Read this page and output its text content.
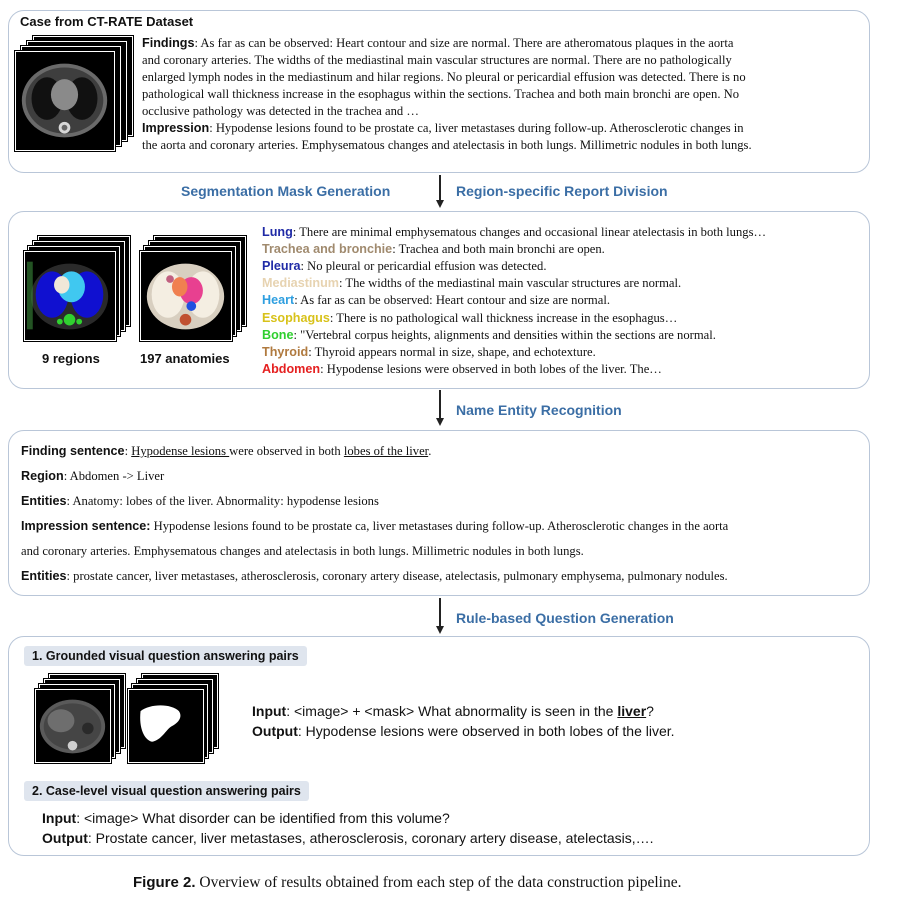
Case from CT-RATE Dataset
Findings: As far as can be observed: Heart contour and size are normal. There are atheromatous plaques in the aorta
and coronary arteries. The widths of the mediastinal main vascular structures are normal. There are no pathologically
enlarged lymph nodes in the mediastinum and hilar regions. No pleural or pericardial effusion was detected. There is no
pathological wall thickness increase in the esophagus within the sections. Trachea and both main bronchi are open. No
occlusive pathology was detected in the trachea and …
Impression: Hypodense lesions found to be prostate ca, liver metastases during follow-up. Atherosclerotic changes in
the aorta and coronary arteries. Emphysematous changes and atelectasis in both lungs. Millimetric nodules in both lungs.
Segmentation Mask Generation	Region-specific Report Division
9 regions	197 anatomies
Lung: There are minimal emphysematous changes and occasional linear atelectasis in both lungs…
Trachea and bronchie: Trachea and both main bronchi are open.
Pleura: No pleural or pericardial effusion was detected.
Mediastinum: The widths of the mediastinal main vascular structures are normal.
Heart: As far as can be observed: Heart contour and size are normal.
Esophagus: There is no pathological wall thickness increase in the esophagus…
Bone: "Vertebral corpus heights, alignments and densities within the sections are normal.
Thyroid: Thyroid appears normal in size, shape, and echotexture.
Abdomen: Hypodense lesions were observed in both lobes of the liver. The…
Name Entity Recognition
Finding sentence: Hypodense lesions were observed in both lobes of the liver.
Region: Abdomen -> Liver
Entities: Anatomy: lobes of the liver. Abnormality: hypodense lesions
Impression sentence: Hypodense lesions found to be prostate ca, liver metastases during follow-up. Atherosclerotic changes in the aorta
and coronary arteries. Emphysematous changes and atelectasis in both lungs. Millimetric nodules in both lungs.
Entities: prostate cancer, liver metastases, atherosclerosis, coronary artery disease, atelectasis, pulmonary emphysema, pulmonary nodules.
Rule-based Question Generation
1. Grounded visual question answering pairs
Input: <image> + <mask> What abnormality is seen in the liver?
Output: Hypodense lesions were observed in both lobes of the liver.
2. Case-level visual question answering pairs
Input: <image> What disorder can be identified from this volume?
Output: Prostate cancer, liver metastases, atherosclerosis, coronary artery disease, atelectasis,….
Figure 2. Overview of results obtained from each step of the data construction pipeline.
